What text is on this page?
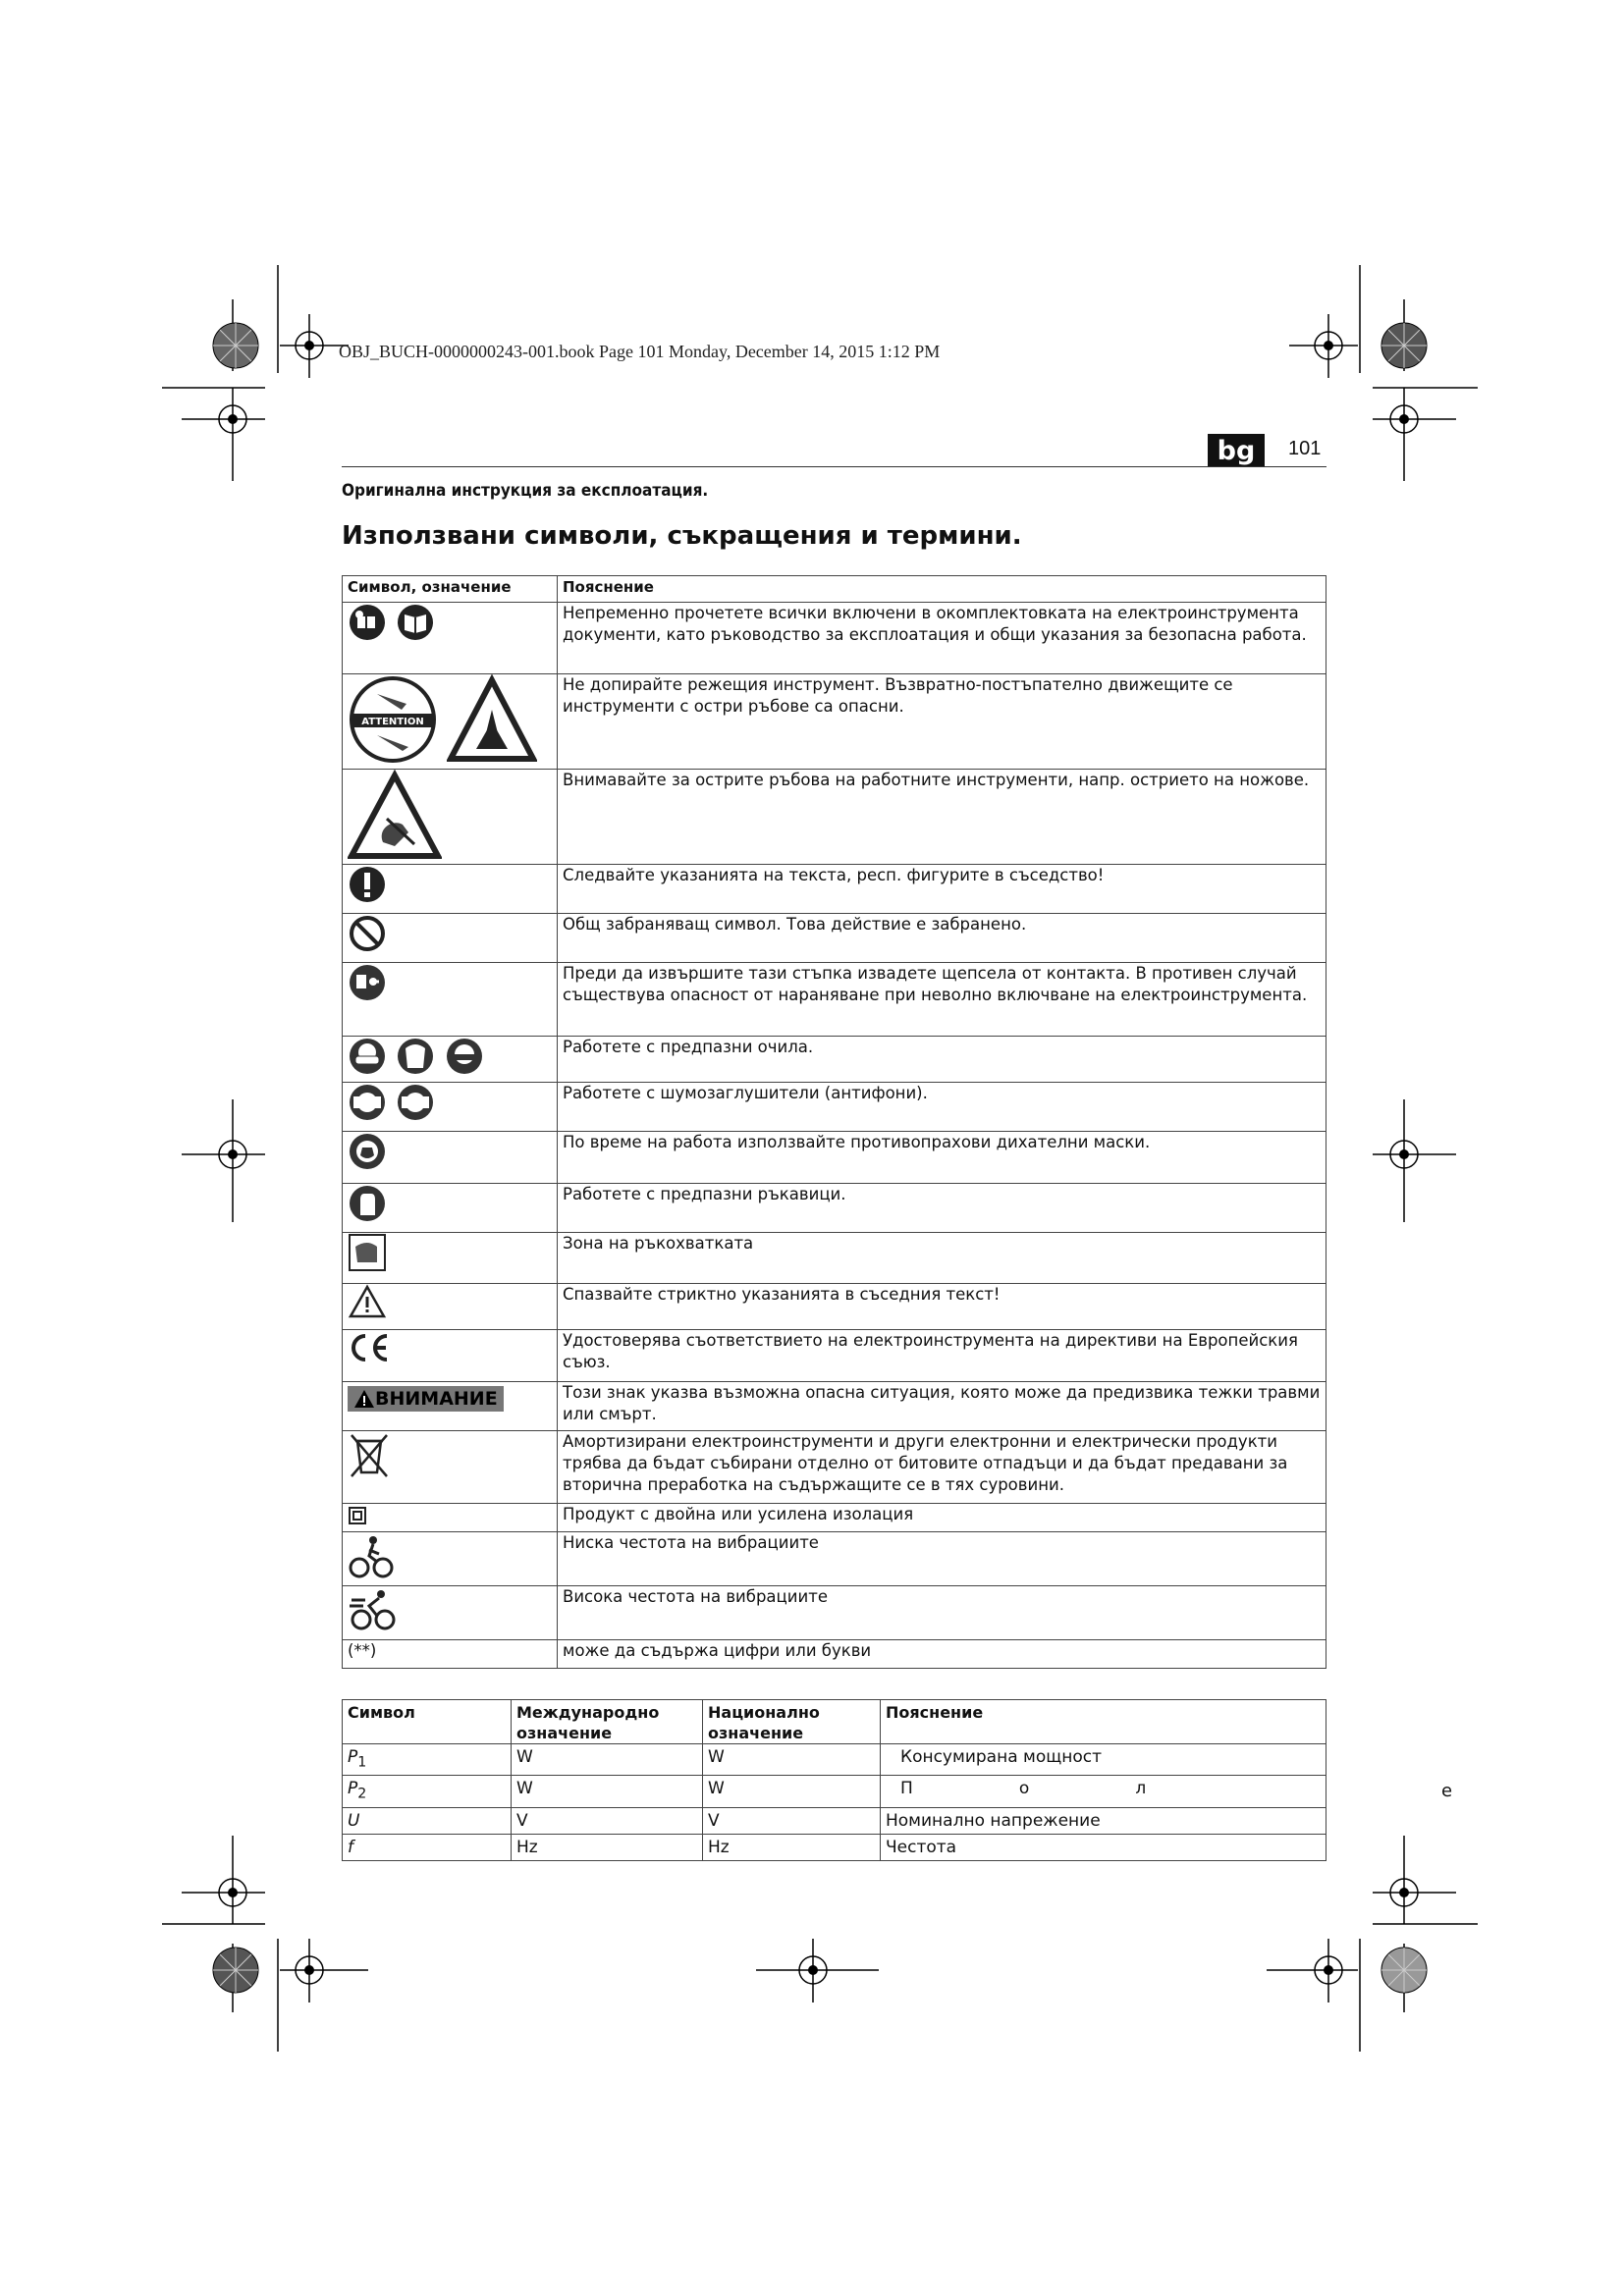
OBJ_BUCH-0000000243-001.book Page 101 Monday, December 14, 2015 1:12 PM
bg	101
Оригинална инструкция за експлоатация.
Използвани символи, съкращения и термини.
Символ, означение	Пояснение
	Непременно прочетете всички включени в окомплектовката на електроинструмента документи, като ръководство за експлоатация и общи указания за безопасна работа.

ATTENTION	Не допирайте режещия инструмент. Възвратно-постъпателно движещите се инструменти с остри ръбове са опасни.
	Внимавайте за острите ръбова на работните инструменти, напр. острието на ножове.
	Следвайте указанията на текста, респ. фигурите в съседство!
	Общ забраняващ символ. Това действие е забранено.
	Преди да извършите тази стъпка извадете щепсела от контакта. В противен случай съществува опасност от нараняване при неволно включване на електроинструмента.
	Работете с предпазни очила.
	Работете с шумозаглушители (антифони).
	По време на работа използвайте противопрахови дихателни маски.
	Работете с предпазни ръкавици.
	Зона на ръкохватката
	Спазвайте стриктно указанията в съседния текст!
	Удостоверява съответствието на електроинструмента на директиви на Европейския съюз.

ВНИМАНИЕ	Този знак указва възможна опасна ситуация, която може да предизвика тежки травми или смърт.
	Амортизирани електроинструменти и други електронни и електрически продукти трябва да бъдат събирани отделно от битовите отпадъци и да бъдат предавани за вторична преработка на съдържащите се в тях суровини.
	Продукт с двойна или усилена изолация
	Ниска честота на вибрациите
	Висока честота на вибрациите
(**)	може да съдържа цифри или букви
Символ	Международно означение	Национално означение	Пояснение
$P_1$	W	W	Консумирана мощност
$P_2$	W	W	П                    о                    л
U	V	V	Номинално напрежение
f	Hz	Hz	Честота
е
